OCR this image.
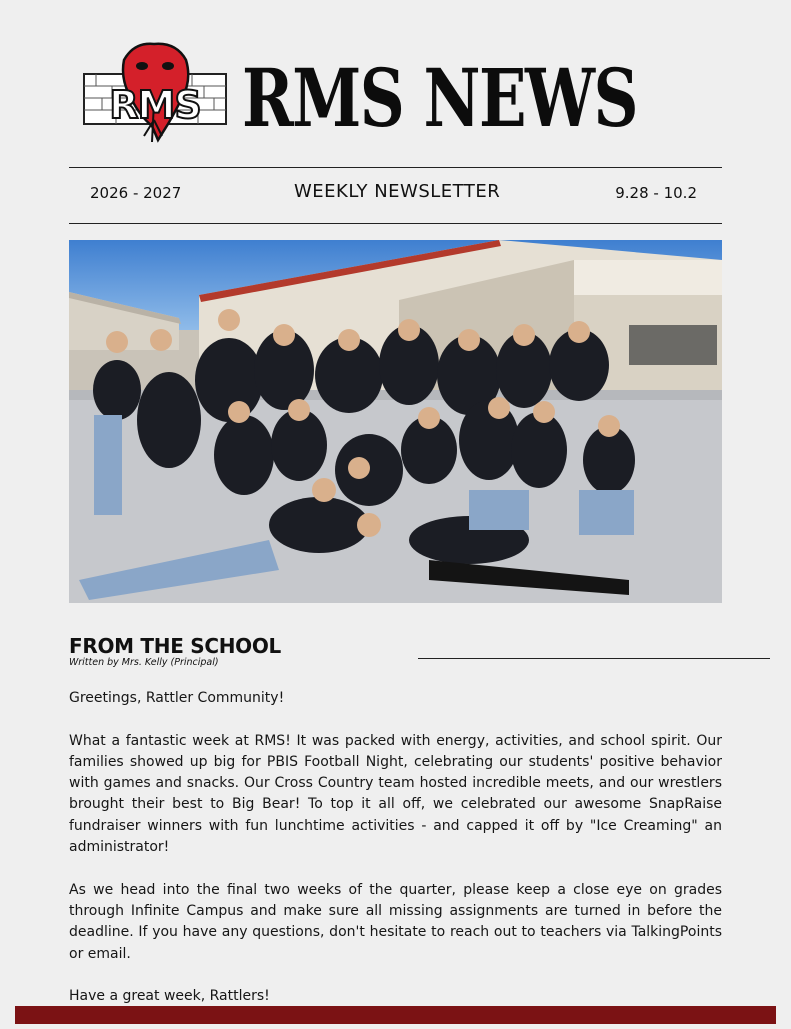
RMS RMS NEWS
2026 - 2027	WEEKLY NEWSLETTER	9.28 - 10.2
FROM THE SCHOOL
Written by Mrs. Kelly (Principal)

Greetings, Rattler Community!

What a fantastic week at RMS! It was packed with energy, activities, and school spirit. Our families showed up big for PBIS Football Night, celebrating our students' positive behavior with games and snacks. Our Cross Country team hosted incredible meets, and our wrestlers brought their best to Big Bear! To top it all off, we celebrated our awesome SnapRaise fundraiser winners with fun lunchtime activities - and capped it off by "Ice Creaming" an administrator!

As we head into the final two weeks of the quarter, please keep a close eye on grades through Infinite Campus and make sure all missing assignments are turned in before the deadline. If you have any questions, don't hesitate to reach out to teachers via TalkingPoints or email.

Have a great week, Rattlers!
